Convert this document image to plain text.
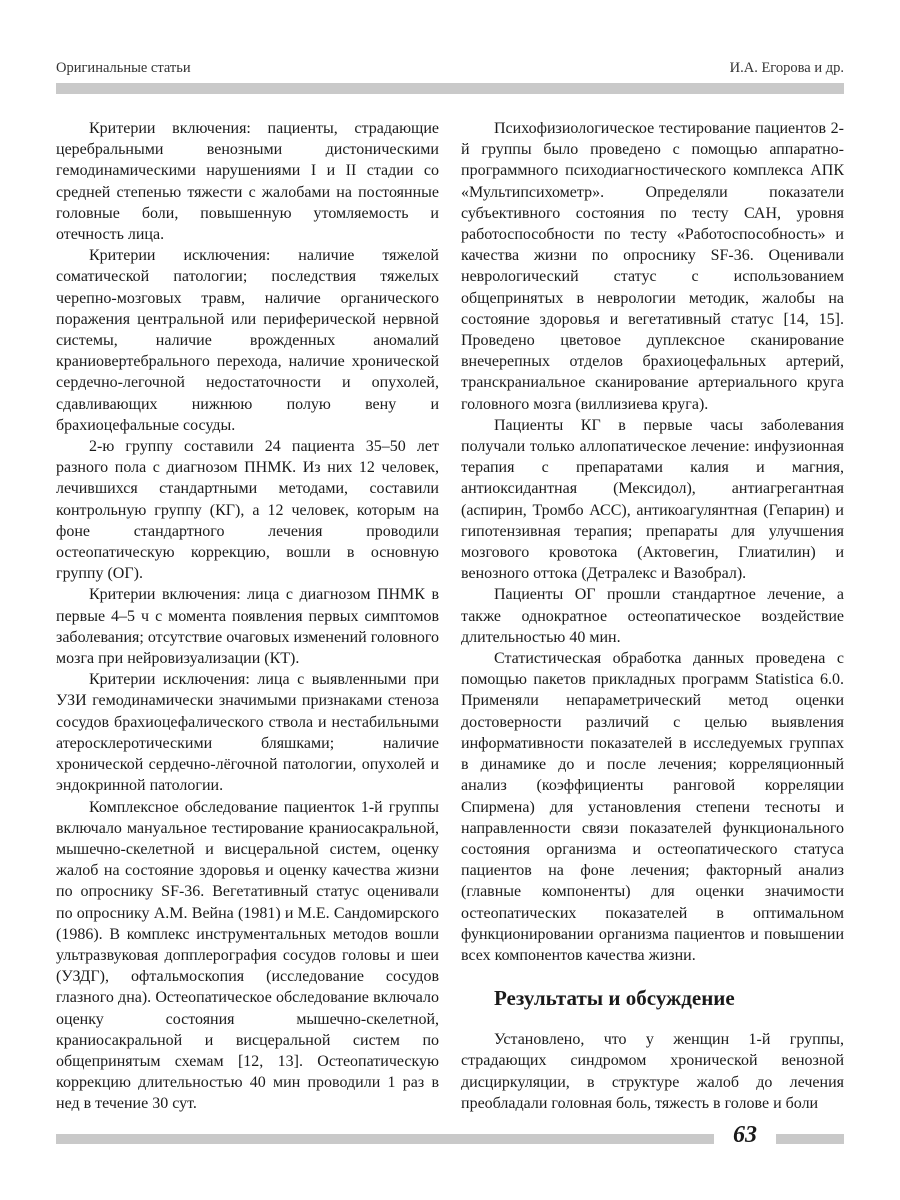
Оригинальные статьи	И.А. Егорова и др.

Критерии включения: пациенты, страдающие церебральными венозными дистоническими гемодинамическими нарушениями I и II стадии со средней степенью тяжести с жалобами на постоянные головные боли, повышенную утомляемость и отечность лица.

Критерии исключения: наличие тяжелой соматической патологии; последствия тяжелых черепно-мозговых травм, наличие органического поражения центральной или периферической нервной системы, наличие врожденных аномалий краниовертебрального перехода, наличие хронической сердечно-легочной недостаточности и опухолей, сдавливающих нижнюю полую вену и брахиоцефальные сосуды.

2-ю группу составили 24 пациента 35–50 лет разного пола с диагнозом ПНМК. Из них 12 человек, лечившихся стандартными методами, составили контрольную группу (КГ), а 12 человек, которым на фоне стандартного лечения проводили остеопатическую коррекцию, вошли в основную группу (ОГ).

Критерии включения: лица с диагнозом ПНМК в первые 4–5 ч с момента появления первых симптомов заболевания; отсутствие очаговых изменений головного мозга при нейровизуализации (КТ).

Критерии исключения: лица с выявленными при УЗИ гемодинамически значимыми признаками стеноза сосудов брахиоцефалического ствола и нестабильными атеросклеротическими бляшками; наличие хронической сердечно-лёгочной патологии, опухолей и эндокринной патологии.

Комплексное обследование пациенток 1-й группы включало мануальное тестирование краниосакральной, мышечно-скелетной и висцеральной систем, оценку жалоб на состояние здоровья и оценку качества жизни по опроснику SF-36. Вегетативный статус оценивали по опроснику А.М. Вейна (1981) и М.Е. Сандомирского (1986). В комплекс инструментальных методов вошли ультразвуковая допплерография сосудов головы и шеи (УЗДГ), офтальмоскопия (исследование сосудов глазного дна). Остеопатическое обследование включало оценку состояния мышечно-скелетной, краниосакральной и висцеральной систем по общепринятым схемам [12, 13]. Остеопатическую коррекцию длительностью 40 мин проводили 1 раз в нед в течение 30 сут.

Психофизиологическое тестирование пациентов 2-й группы было проведено с помощью аппаратно-программного психодиагностического комплекса АПК «Мультипсихометр». Определяли показатели субъективного состояния по тесту САН, уровня работоспособности по тесту «Работоспособность» и качества жизни по опроснику SF-36. Оценивали неврологический статус с использованием общепринятых в неврологии методик, жалобы на состояние здоровья и вегетативный статус [14, 15]. Проведено цветовое дуплексное сканирование внечерепных отделов брахиоцефальных артерий, транскраниальное сканирование артериального круга головного мозга (виллизиева круга).

Пациенты КГ в первые часы заболевания получали только аллопатическое лечение: инфузионная терапия с препаратами калия и магния, антиоксидантная (Мексидол), антиагрегантная (аспирин, Тромбо АСС), антикоагулянтная (Гепарин) и гипотензивная терапия; препараты для улучшения мозгового кровотока (Актовегин, Глиатилин) и венозного оттока (Детралекс и Вазобрал).

Пациенты ОГ прошли стандартное лечение, а также однократное остеопатическое воздействие длительностью 40 мин.

Статистическая обработка данных проведена с помощью пакетов прикладных программ Statistica 6.0. Применяли непараметрический метод оценки достоверности различий с целью выявления информативности показателей в исследуемых группах в динамике до и после лечения; корреляционный анализ (коэффициенты ранговой корреляции Спирмена) для установления степени тесноты и направленности связи показателей функционального состояния организма и остеопатического статуса пациентов на фоне лечения; факторный анализ (главные компоненты) для оценки значимости остеопатических показателей в оптимальном функционировании организма пациентов и повышении всех компонентов качества жизни.

Результаты и обсуждение

Установлено, что у женщин 1-й группы, страдающих синдромом хронической венозной дисциркуляции, в структуре жалоб до лечения преобладали головная боль, тяжесть в голове и боли

63
